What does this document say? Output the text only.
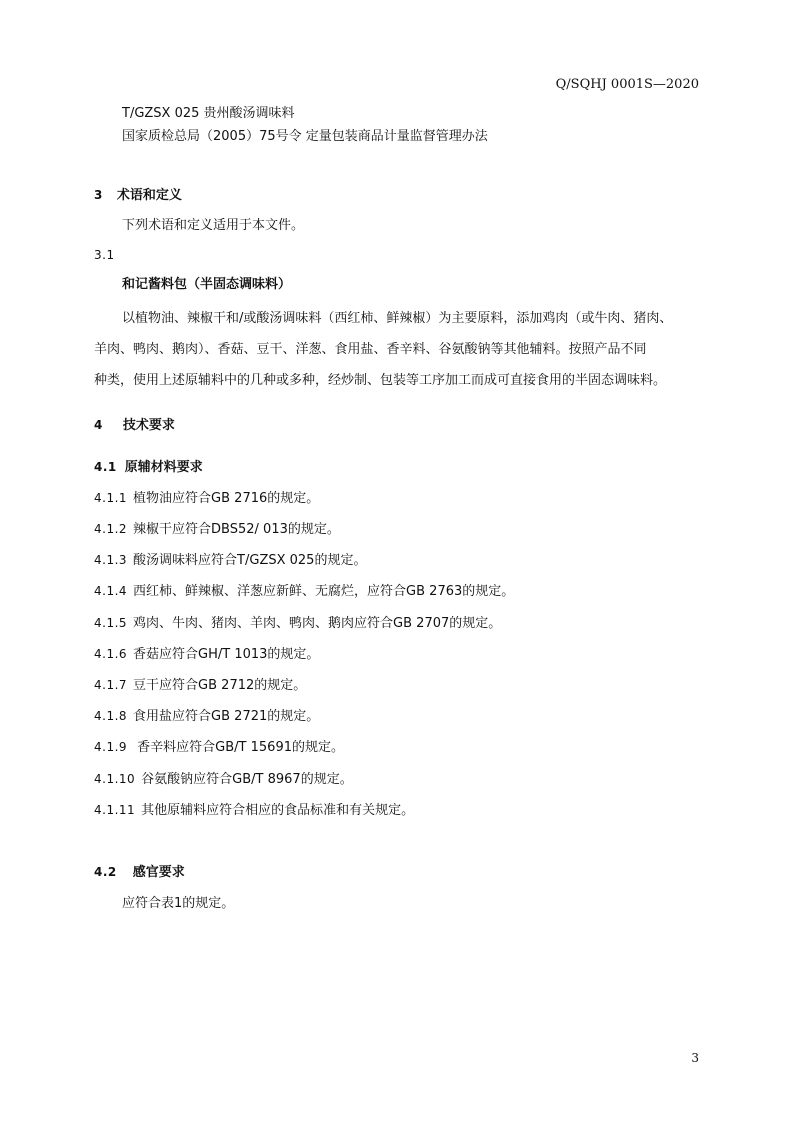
Q/SQHJ 0001S—2020
T/GZSX 025 贵州酸汤调味料
国家质检总局（2005）75号令 定量包装商品计量监督管理办法
3 术语和定义
下列术语和定义适用于本文件。
3.1
和记酱料包（半固态调味料）
以植物油、辣椒干和/或酸汤调味料（西红柿、鲜辣椒）为主要原料，添加鸡肉（或牛肉、猪肉、
羊肉、鸭肉、鹅肉）、香菇、豆干、洋葱、食用盐、香辛料、谷氨酸钠等其他辅料。按照产品不同
种类，使用上述原辅料中的几种或多种，经炒制、包装等工序加工而成可直接食用的半固态调味料。
4 技术要求
4.1 原辅材料要求
4.1.1 植物油应符合GB 2716的规定。
4.1.2 辣椒干应符合DBS52/ 013的规定。
4.1.3 酸汤调味料应符合T/GZSX 025的规定。
4.1.4 西红柿、鲜辣椒、洋葱应新鲜、无腐烂，应符合GB 2763的规定。
4.1.5 鸡肉、牛肉、猪肉、羊肉、鸭肉、鹅肉应符合GB 2707的规定。
4.1.6 香菇应符合GH/T 1013的规定。
4.1.7 豆干应符合GB 2712的规定。
4.1.8 食用盐应符合GB 2721的规定。
4.1.9 香辛料应符合GB/T 15691的规定。
4.1.10 谷氨酸钠应符合GB/T 8967的规定。
4.1.11 其他原辅料应符合相应的食品标准和有关规定。
4.2 感官要求
应符合表1的规定。
3
